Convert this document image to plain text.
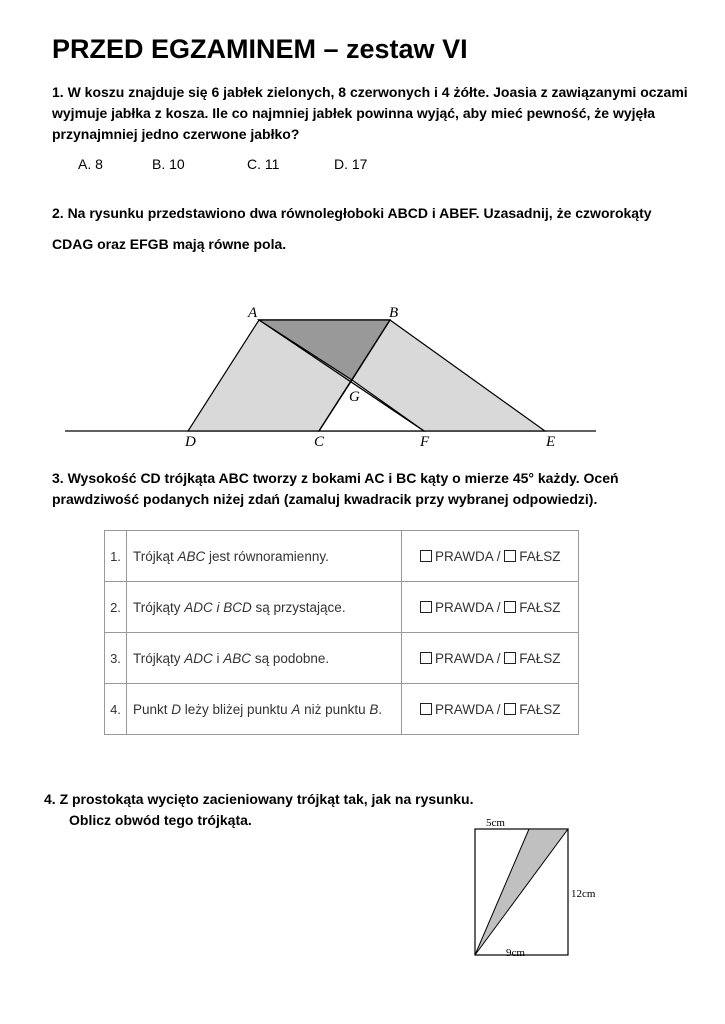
PRZED EGZAMINEM – zestaw VI
1. W koszu znajduje się 6 jabłek zielonych, 8 czerwonych i 4 żółte. Joasia z zawiązanymi oczami wyjmuje jabłka z kosza. Ile co najmniej jabłek powinna wyjąć, aby mieć pewność, że wyjęła przynajmniej jedno czerwone jabłko?
A. 8	B. 10	C. 11	D. 17
2. Na rysunku przedstawiono dwa równoległoboki ABCD i ABEF. Uzasadnij, że czworokąty
CDAG oraz EFGB mają równe pola.
A	B
G
D	C	F	E
3. Wysokość CD trójkąta ABC tworzy z bokami AC i BC kąty o mierze 45° każdy. Oceń prawdziwość podanych niżej zdań (zamaluj kwadracik przy wybranej odpowiedzi).
1.	Trójkąt ABC jest równoramienny.	PRAWDA / FAŁSZ
2.	Trójkąty ADC i BCD są przystające.	PRAWDA / FAŁSZ
3.	Trójkąty ADC i ABC są podobne.	PRAWDA / FAŁSZ
4.	Punkt D leży bliżej punktu A niż punktu B.	PRAWDA / FAŁSZ
4. Z prostokąta wycięto zacieniowany trójkąt tak, jak na rysunku.
Oblicz obwód tego trójkąta.	5cm
12cm
9cm
